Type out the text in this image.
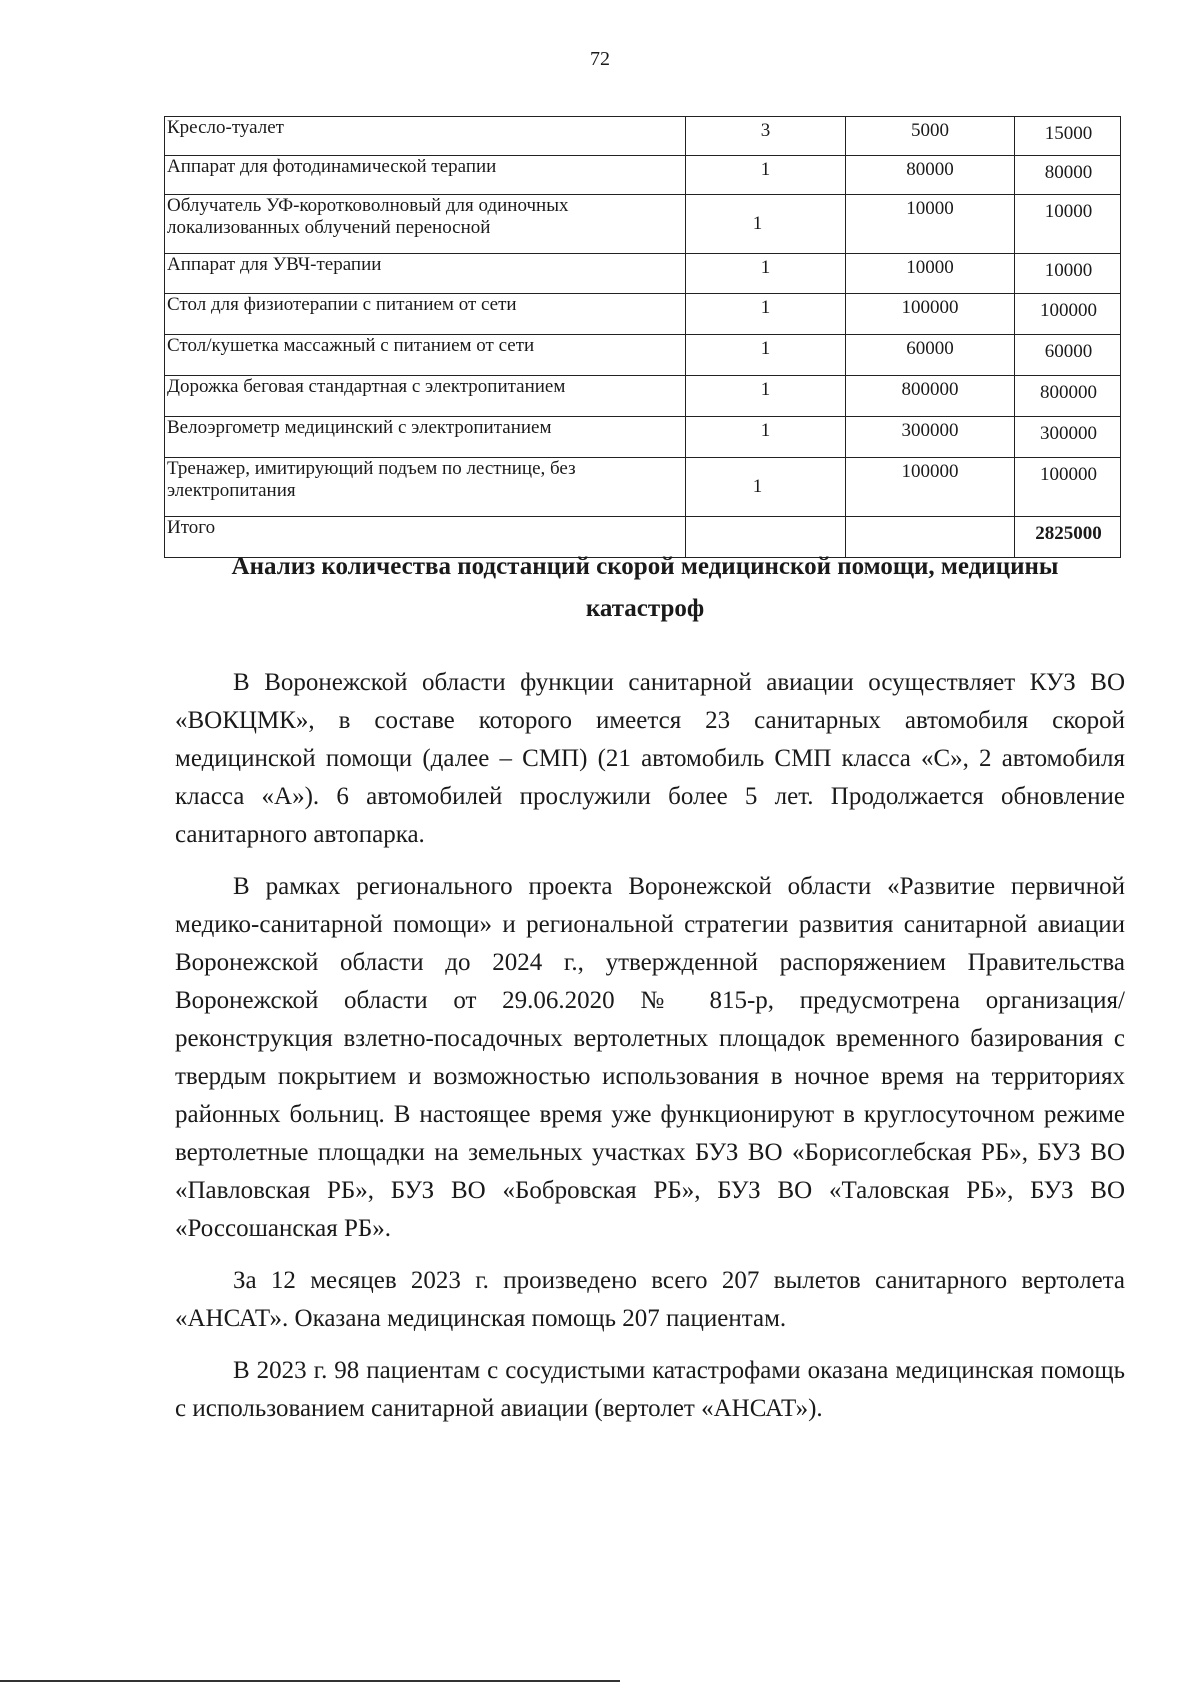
72
Кресло-туалет	3	5000	15000
Аппарат для фотодинамической терапии	1	80000	80000
Облучатель УФ-коротковолновый для одиночных локализованных облучений переносной	1	10000	10000
Аппарат для УВЧ-терапии	1	10000	10000
Стол для физиотерапии с питанием от сети	1	100000	100000
Стол/кушетка массажный с питанием от сети	1	60000	60000
Дорожка беговая стандартная с электропитанием	1	800000	800000
Велоэргометр медицинский с электропитанием	1	300000	300000
Тренажер, имитирующий подъем по лестнице, без электропитания	1	100000	100000
Итого			2825000
Анализ количества подстанций скорой медицинской помощи, медицины катастроф

В Воронежской области функции санитарной авиации осуществляет КУЗ ВО «ВОКЦМК», в составе которого имеется 23 санитарных автомобиля скорой медицинской помощи (далее – СМП) (21 автомобиль СМП класса «С», 2 автомобиля класса «А»). 6 автомобилей прослужили более 5 лет. Продолжается обновление санитарного автопарка.

В рамках регионального проекта Воронежской области «Развитие первичной медико-санитарной помощи» и региональной стратегии развития санитарной авиации Воронежской области до 2024 г., утвержденной распоряжением Правительства Воронежской области от 29.06.2020 № 815-р, предусмотрена организация/реконструкция взлетно-посадочных вертолетных площадок временного базирования с твердым покрытием и возможностью использования в ночное время на территориях районных больниц. В настоящее время уже функционируют в круглосуточном режиме вертолетные площадки на земельных участках БУЗ ВО «Борисоглебская РБ», БУЗ ВО «Павловская РБ», БУЗ ВО «Бобровская РБ», БУЗ ВО «Таловская РБ», БУЗ ВО «Россошанская РБ».

За 12 месяцев 2023 г. произведено всего 207 вылетов санитарного вертолета «АНСАТ». Оказана медицинская помощь 207 пациентам.

В 2023 г. 98 пациентам с сосудистыми катастрофами оказана медицинская помощь с использованием санитарной авиации (вертолет «АНСАТ»).
